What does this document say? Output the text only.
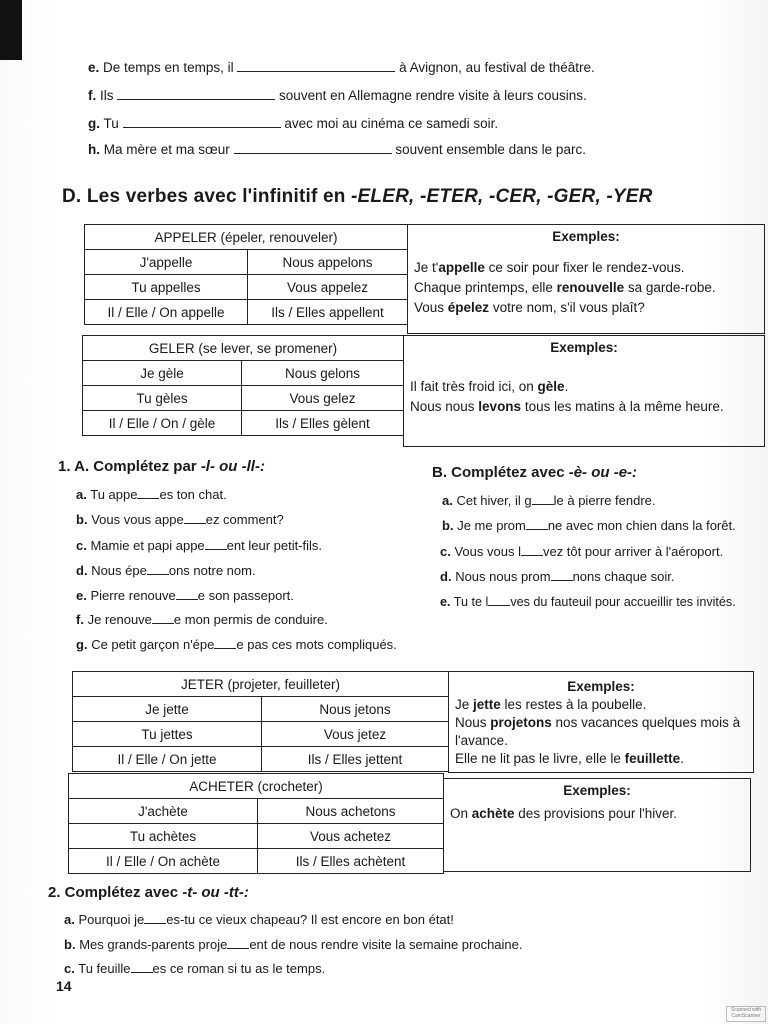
e. De temps en temps, il	à Avignon, au festival de théâtre.
f. Ils	souvent en Allemagne rendre visite à leurs cousins.
g. Tu	avec moi au cinéma ce samedi soir.
h. Ma mère et ma sœur	souvent ensemble dans le parc.
D. Les verbes avec l'infinitif en -ELER, -ETER, -CER, -GER, -YER
APPELER (épeler, renouveler)	
J'appelle	Nous appelons
Tu appelles	Vous appelez
Il / Elle / On appelle	Ils / Elles appellent
Exemples:
Je t'appelle ce soir pour fixer le rendez-vous.
Chaque printemps, elle renouvelle sa garde-robe.
Vous épelez votre nom, s'il vous plaît?
GELER (se lever, se promener)	
Je gèle	Nous gelons
Tu gèles	Vous gelez
Il / Elle / On / gèle	Ils / Elles gèlent
Exemples:
Il fait très froid ici, on gèle.
Nous nous levons tous les matins à la même heure.
1. A. Complétez par -l- ou -ll-:	B. Complétez avec -è- ou -e-:
a. Tu appe es ton chat.
b. Vous vous appe ez comment?
c. Mamie et papi appe ent leur petit-fils.
d. Nous épe ons notre nom.
e. Pierre renouve e son passeport.
f. Je renouve e mon permis de conduire.
g. Ce petit garçon n'épe e pas ces mots compliqués.
a. Cet hiver, il g le à pierre fendre.
b. Je me prom ne avec mon chien dans la forêt.
c. Vous vous l vez tôt pour arriver à l'aéroport.
d. Nous nous prom nons chaque soir.
e. Tu te l ves du fauteuil pour accueillir tes invités.
JETER (projeter, feuilleter)	
Je jette	Nous jetons
Tu jettes	Vous jetez
Il / Elle / On jette	Ils / Elles jettent
Exemples:
Je jette les restes à la poubelle.
Nous projetons nos vacances quelques mois à
l'avance.
Elle ne lit pas le livre, elle le feuillette.
ACHETER (crocheter)	
J'achète	Nous achetons
Tu achètes	Vous achetez
Il / Elle / On achète	Ils / Elles achètent
Exemples:
On achète des provisions pour l'hiver.
2. Complétez avec -t- ou -tt-:
a. Pourquoi je es-tu ce vieux chapeau? Il est encore en bon état!
b. Mes grands-parents proje ent de nous rendre visite la semaine prochaine.
c. Tu feuille es ce roman si tu as le temps.
14
Scanned with CamScanner
